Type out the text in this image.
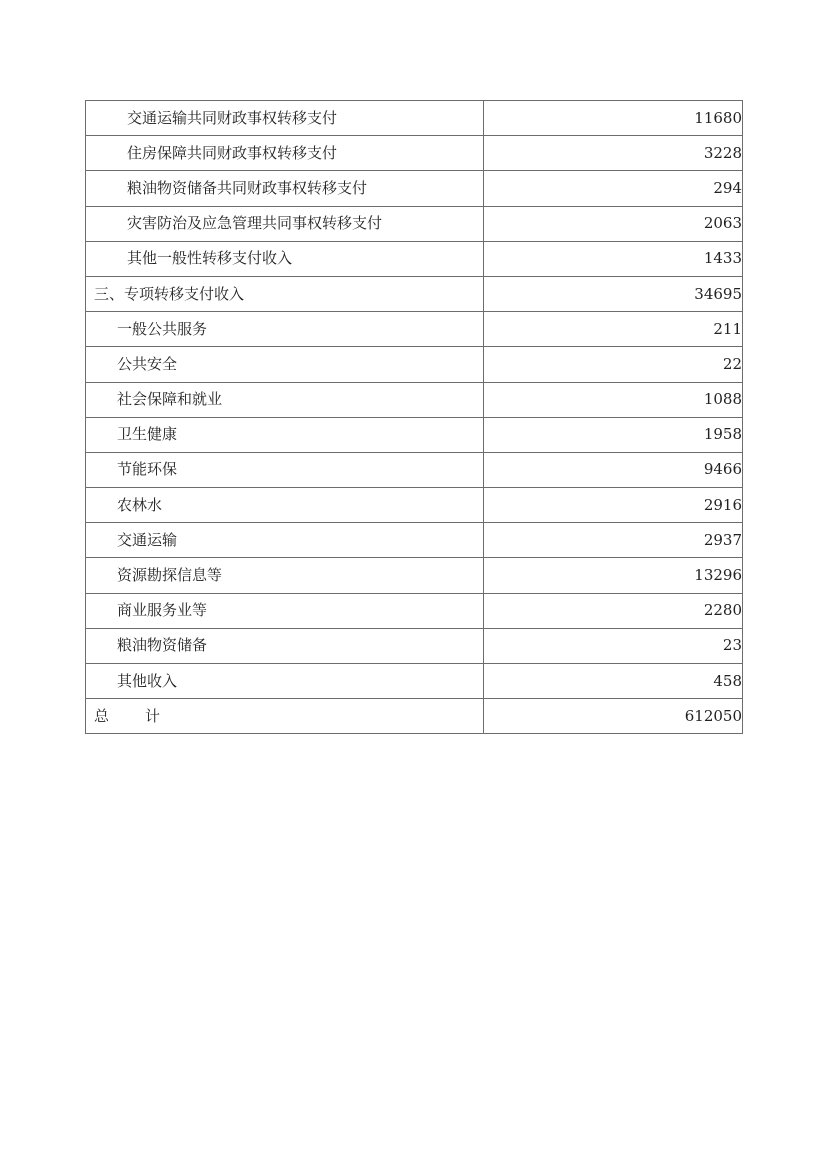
交通运输共同财政事权转移支付	11680
住房保障共同财政事权转移支付	3228
粮油物资储备共同财政事权转移支付	294
灾害防治及应急管理共同事权转移支付	2063
其他一般性转移支付收入	1433
三、专项转移支付收入	34695
一般公共服务	211
公共安全	22
社会保障和就业	1088
卫生健康	1958
节能环保	9466
农林水	2916
交通运输	2937
资源勘探信息等	13296
商业服务业等	2280
粮油物资储备	23
其他收入	458
总 计	612050
